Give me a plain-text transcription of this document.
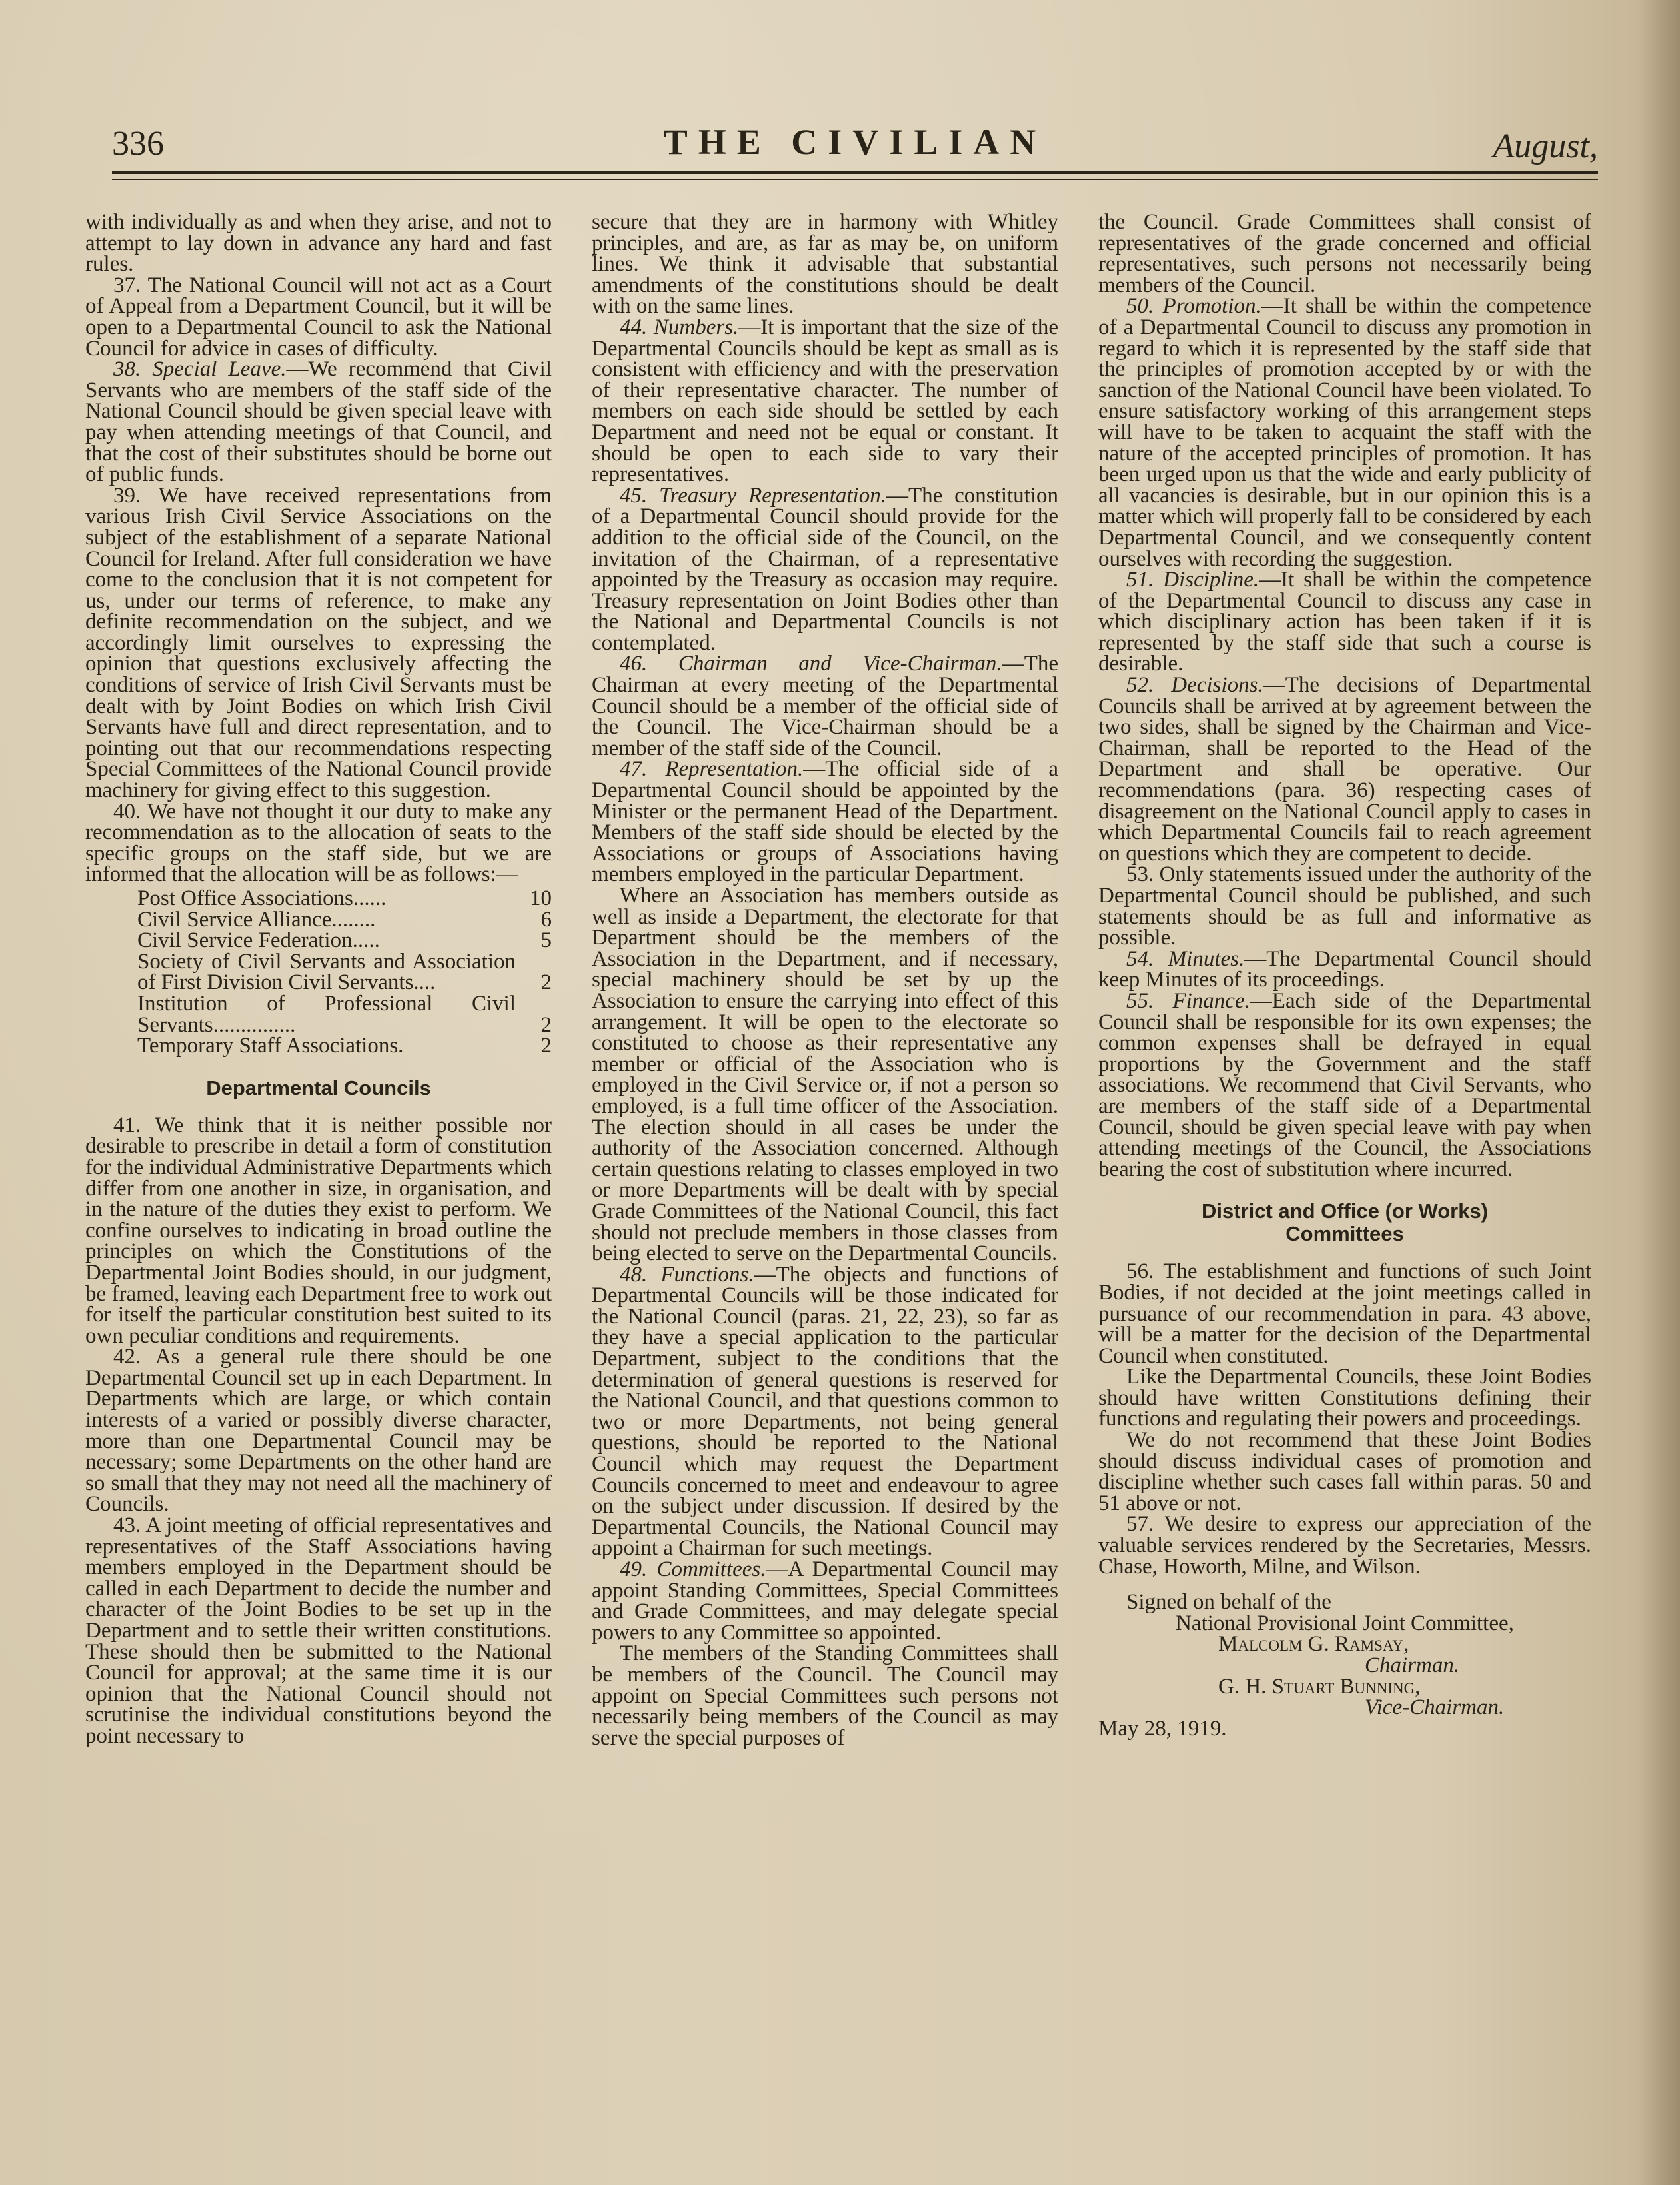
336	THE CIVILIAN	August,

with individually as and when they arise, and not to attempt to lay down in advance any hard and fast rules.

37. The National Council will not act as a Court of Appeal from a Department Council, but it will be open to a Departmental Council to ask the National Council for advice in cases of difficulty.

38. Special Leave.—We recommend that Civil Servants who are members of the staff side of the National Council should be given special leave with pay when attending meetings of that Council, and that the cost of their substitutes should be borne out of public funds.

39. We have received representations from various Irish Civil Service Associations on the subject of the establishment of a separate National Council for Ireland. After full consideration we have come to the conclusion that it is not competent for us, under our terms of reference, to make any definite recommendation on the subject, and we accordingly limit ourselves to expressing the opinion that questions exclusively affecting the conditions of service of Irish Civil Servants must be dealt with by Joint Bodies on which Irish Civil Servants have full and direct representation, and to pointing out that our recommendations respecting Special Committees of the National Council provide machinery for giving effect to this suggestion.

40. We have not thought it our duty to make any recommendation as to the allocation of seats to the specific groups on the staff side, but we are informed that the allocation will be as follows:—

Post Office Associations......	10
Civil Service Alliance........	6
Civil Service Federation.....	5
Society of Civil Servants and Association of First Division Civil Servants....	2
Institution of Professional Civil Servants...............	2
Temporary Staff Associations.	2
Departmental Councils

41. We think that it is neither possible nor desirable to prescribe in detail a form of constitution for the individual Administrative Departments which differ from one another in size, in organisation, and in the nature of the duties they exist to perform. We confine ourselves to indicating in broad outline the principles on which the Constitutions of the Departmental Joint Bodies should, in our judgment, be framed, leaving each Department free to work out for itself the particular constitution best suited to its own peculiar conditions and requirements.

42. As a general rule there should be one Departmental Council set up in each Department. In Departments which are large, or which contain interests of a varied or possibly diverse character, more than one Departmental Council may be necessary; some Departments on the other hand are so small that they may not need all the machinery of Councils.

43. A joint meeting of official representatives and representatives of the Staff Associations having members employed in the Department should be called in each Department to decide the number and character of the Joint Bodies to be set up in the Department and to settle their written constitutions. These should then be submitted to the National Council for approval; at the same time it is our opinion that the National Council should not scrutinise the individual constitutions beyond the point necessary to

secure that they are in harmony with Whitley principles, and are, as far as may be, on uniform lines. We think it advisable that substantial amendments of the constitutions should be dealt with on the same lines.

44. Numbers.—It is important that the size of the Departmental Councils should be kept as small as is consistent with efficiency and with the preservation of their representative character. The number of members on each side should be settled by each Department and need not be equal or constant. It should be open to each side to vary their representatives.

45. Treasury Representation.—The constitution of a Departmental Council should provide for the addition to the official side of the Council, on the invitation of the Chairman, of a representative appointed by the Treasury as occasion may require. Treasury representation on Joint Bodies other than the National and Departmental Councils is not contemplated.

46. Chairman and Vice-Chairman.—The Chairman at every meeting of the Departmental Council should be a member of the official side of the Council. The Vice-Chairman should be a member of the staff side of the Council.

47. Representation.—The official side of a Departmental Council should be appointed by the Minister or the permanent Head of the Department. Members of the staff side should be elected by the Associations or groups of Associations having members employed in the particular Department.

Where an Association has members outside as well as inside a Department, the electorate for that Department should be the members of the Association in the Department, and if necessary, special machinery should be set by up the Association to ensure the carrying into effect of this arrangement. It will be open to the electorate so constituted to choose as their representative any member or official of the Association who is employed in the Civil Service or, if not a person so employed, is a full time officer of the Association. The election should in all cases be under the authority of the Association concerned. Although certain questions relating to classes employed in two or more Departments will be dealt with by special Grade Committees of the National Council, this fact should not preclude members in those classes from being elected to serve on the Departmental Councils.

48. Functions.—The objects and functions of Departmental Councils will be those indicated for the National Council (paras. 21, 22, 23), so far as they have a special application to the particular Department, subject to the conditions that the determination of general questions is reserved for the National Council, and that questions common to two or more Departments, not being general questions, should be reported to the National Council which may request the Department Councils concerned to meet and endeavour to agree on the subject under discussion. If desired by the Departmental Councils, the National Council may appoint a Chairman for such meetings.

49. Committees.—A Departmental Council may appoint Standing Committees, Special Committees and Grade Committees, and may delegate special powers to any Committee so appointed.

The members of the Standing Committees shall be members of the Council. The Council may appoint on Special Committees such persons not necessarily being members of the Council as may serve the special purposes of

the Council. Grade Committees shall consist of representatives of the grade concerned and official representatives, such persons not necessarily being members of the Council.

50. Promotion.—It shall be within the competence of a Departmental Council to discuss any promotion in regard to which it is represented by the staff side that the principles of promotion accepted by or with the sanction of the National Council have been violated. To ensure satisfactory working of this arrangement steps will have to be taken to acquaint the staff with the nature of the accepted principles of promotion. It has been urged upon us that the wide and early publicity of all vacancies is desirable, but in our opinion this is a matter which will properly fall to be considered by each Departmental Council, and we consequently content ourselves with recording the suggestion.

51. Discipline.—It shall be within the competence of the Departmental Council to discuss any case in which disciplinary action has been taken if it is represented by the staff side that such a course is desirable.

52. Decisions.—The decisions of Departmental Councils shall be arrived at by agreement between the two sides, shall be signed by the Chairman and Vice-Chairman, shall be reported to the Head of the Department and shall be operative. Our recommendations (para. 36) respecting cases of disagreement on the National Council apply to cases in which Departmental Councils fail to reach agreement on questions which they are competent to decide.

53. Only statements issued under the authority of the Departmental Council should be published, and such statements should be as full and informative as possible.

54. Minutes.—The Departmental Council should keep Minutes of its proceedings.

55. Finance.—Each side of the Departmental Council shall be responsible for its own expenses; the common expenses shall be defrayed in equal proportions by the Government and the staff associations. We recommend that Civil Servants, who are members of the staff side of a Departmental Council, should be given special leave with pay when attending meetings of the Council, the Associations bearing the cost of substitution where incurred.

District and Office (or Works)
Committees

56. The establishment and functions of such Joint Bodies, if not decided at the joint meetings called in pursuance of our recommendation in para. 43 above, will be a matter for the decision of the Departmental Council when constituted.

Like the Departmental Councils, these Joint Bodies should have written Constitutions defining their functions and regulating their powers and proceedings.

We do not recommend that these Joint Bodies should discuss individual cases of promotion and discipline whether such cases fall within paras. 50 and 51 above or not.

57. We desire to express our appreciation of the valuable services rendered by the Secretaries, Messrs. Chase, Howorth, Milne, and Wilson.

Signed on behalf of the

National Provisional Joint Committee,

Malcolm G. Ramsay,

Chairman.

G. H. Stuart Bunning,

Vice-Chairman.

May 28, 1919.
